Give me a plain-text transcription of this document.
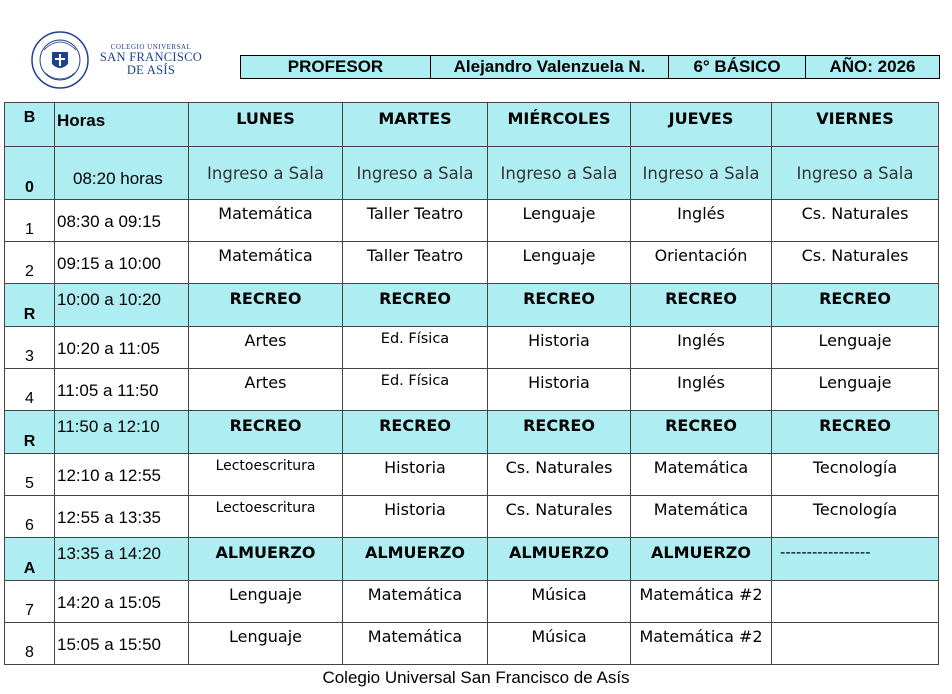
COLEGIO UNIVERSAL
SAN FRANCISCO
DE ASÍS	PROFESOR	Alejandro Valenzuela N.	6° BÁSICO	AÑO: 2026
B	Horas	LUNES	MARTES	MIÉRCOLES	JUEVES	VIERNES

0	08:20 horas	Ingreso a Sala	Ingreso a Sala	Ingreso a Sala	Ingreso a Sala	Ingreso a Sala

1	08:30 a 09:15	Matemática	Taller Teatro	Lenguaje	Inglés	Cs. Naturales

2	09:15 a 10:00	Matemática	Taller Teatro	Lenguaje	Orientación	Cs. Naturales

R	10:00 a 10:20	RECREO	RECREO	RECREO	RECREO	RECREO

3	10:20 a 11:05	Artes	Ed. Física	Historia	Inglés	Lenguaje

4	11:05 a 11:50	Artes	Ed. Física	Historia	Inglés	Lenguaje

R	11:50 a 12:10	RECREO	RECREO	RECREO	RECREO	RECREO

5	12:10 a 12:55	Lectoescritura	Historia	Cs. Naturales	Matemática	Tecnología

6	12:55 a 13:35	Lectoescritura	Historia	Cs. Naturales	Matemática	Tecnología

A	13:35 a 14:20	ALMUERZO	ALMUERZO	ALMUERZO	ALMUERZO	-----------------

7	14:20 a 15:05	Lenguaje	Matemática	Música	Matemática #2	

8	15:05 a 15:50	Lenguaje	Matemática	Música	Matemática #2	

Colegio Universal San Francisco de Asís
